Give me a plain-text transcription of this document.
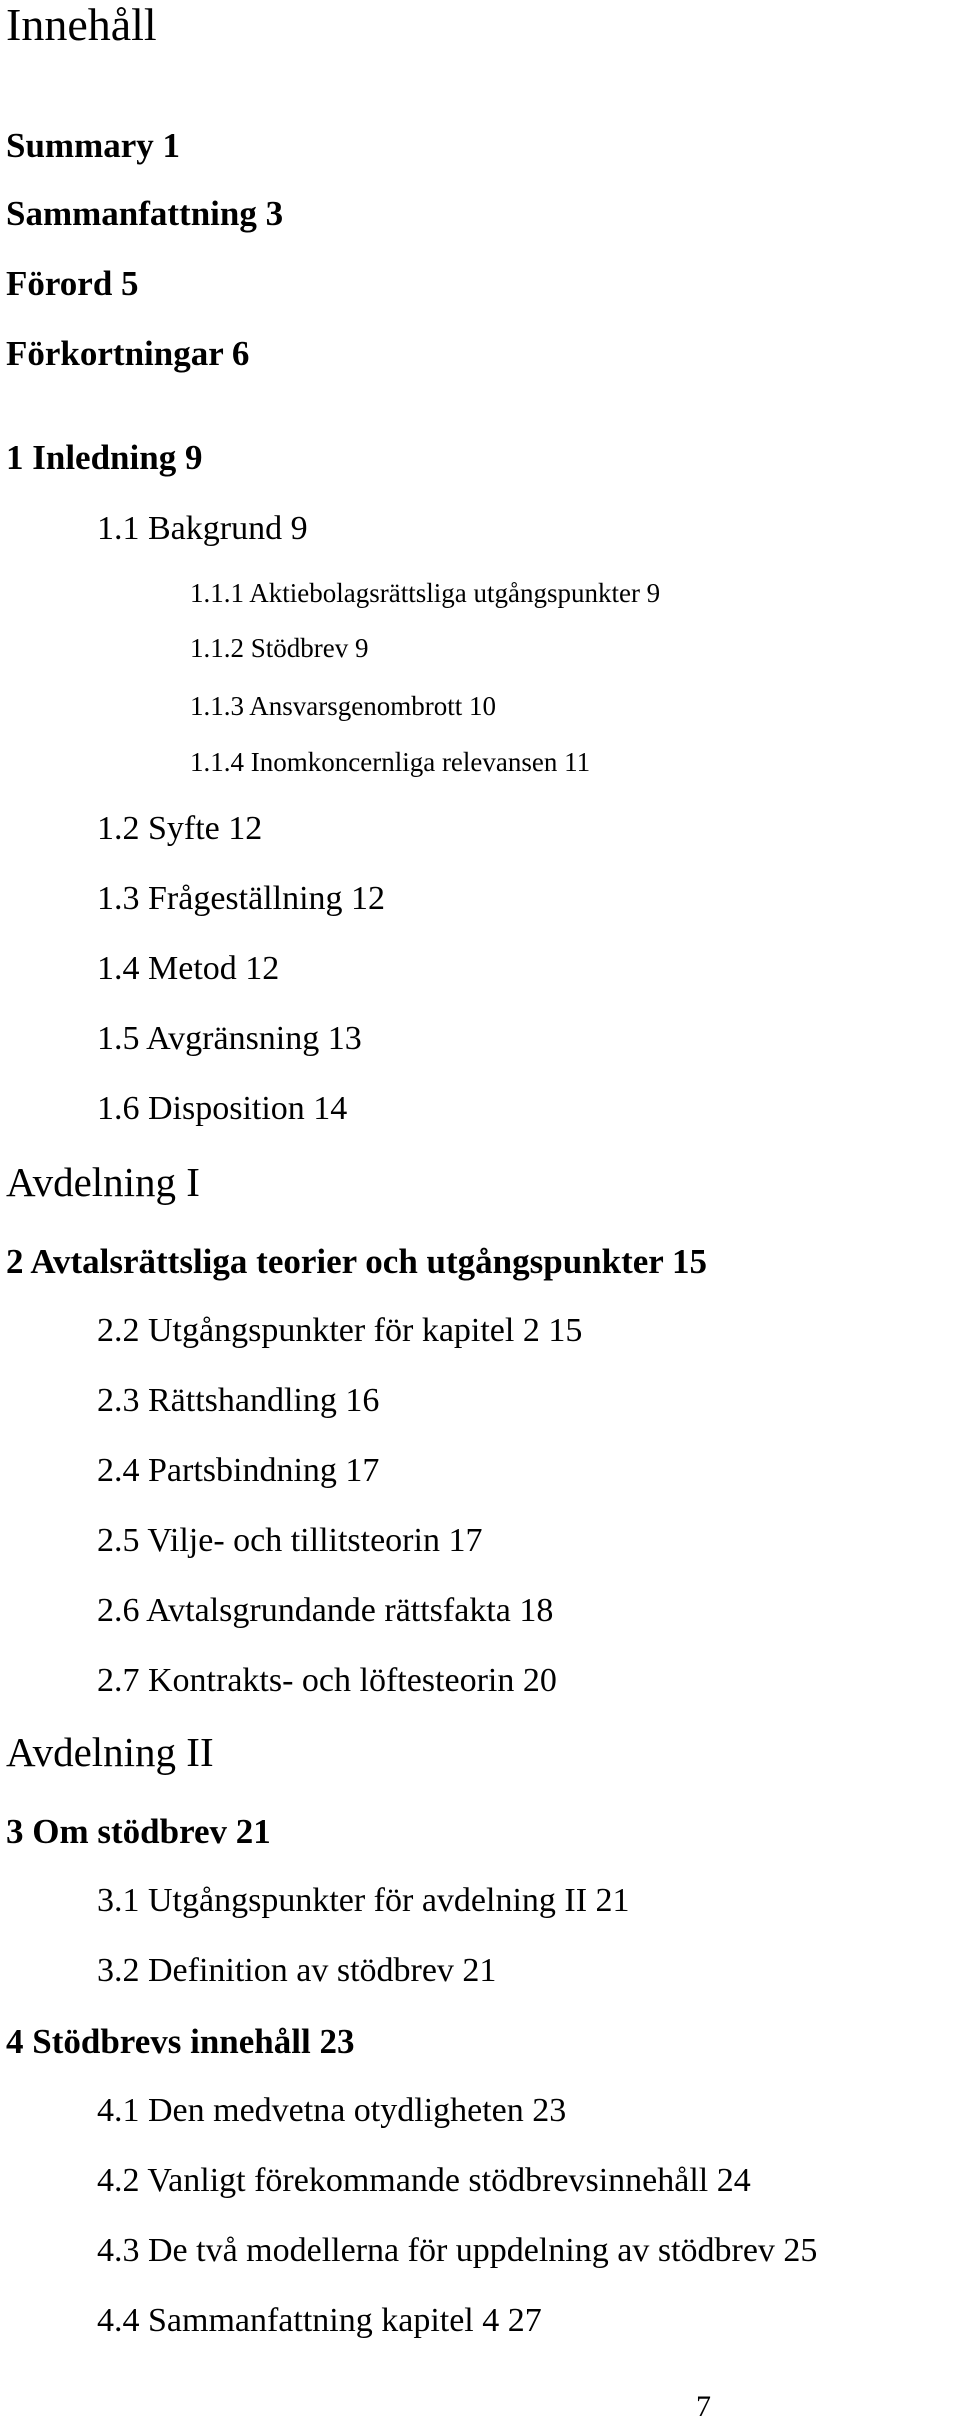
Innehåll
Summary 1
Sammanfattning 3
Förord 5
Förkortningar 6
1 Inledning 9
1.1 Bakgrund 9
1.1.1 Aktiebolagsrättsliga utgångspunkter 9
1.1.2 Stödbrev 9
1.1.3 Ansvarsgenombrott 10
1.1.4 Inomkoncernliga relevansen 11
1.2 Syfte 12
1.3 Frågeställning 12
1.4 Metod 12
1.5 Avgränsning 13
1.6 Disposition 14
Avdelning I
2 Avtalsrättsliga teorier och utgångspunkter 15
2.2 Utgångspunkter för kapitel 2 15
2.3 Rättshandling 16
2.4 Partsbindning 17
2.5 Vilje- och tillitsteorin 17
2.6 Avtalsgrundande rättsfakta 18
2.7 Kontrakts- och löftesteorin 20
Avdelning II
3 Om stödbrev 21
3.1 Utgångspunkter för avdelning II 21
3.2 Definition av stödbrev 21
4 Stödbrevs innehåll 23
4.1 Den medvetna otydligheten 23
4.2 Vanligt förekommande stödbrevsinnehåll 24
4.3 De två modellerna för uppdelning av stödbrev 25
4.4 Sammanfattning kapitel 4 27
7
